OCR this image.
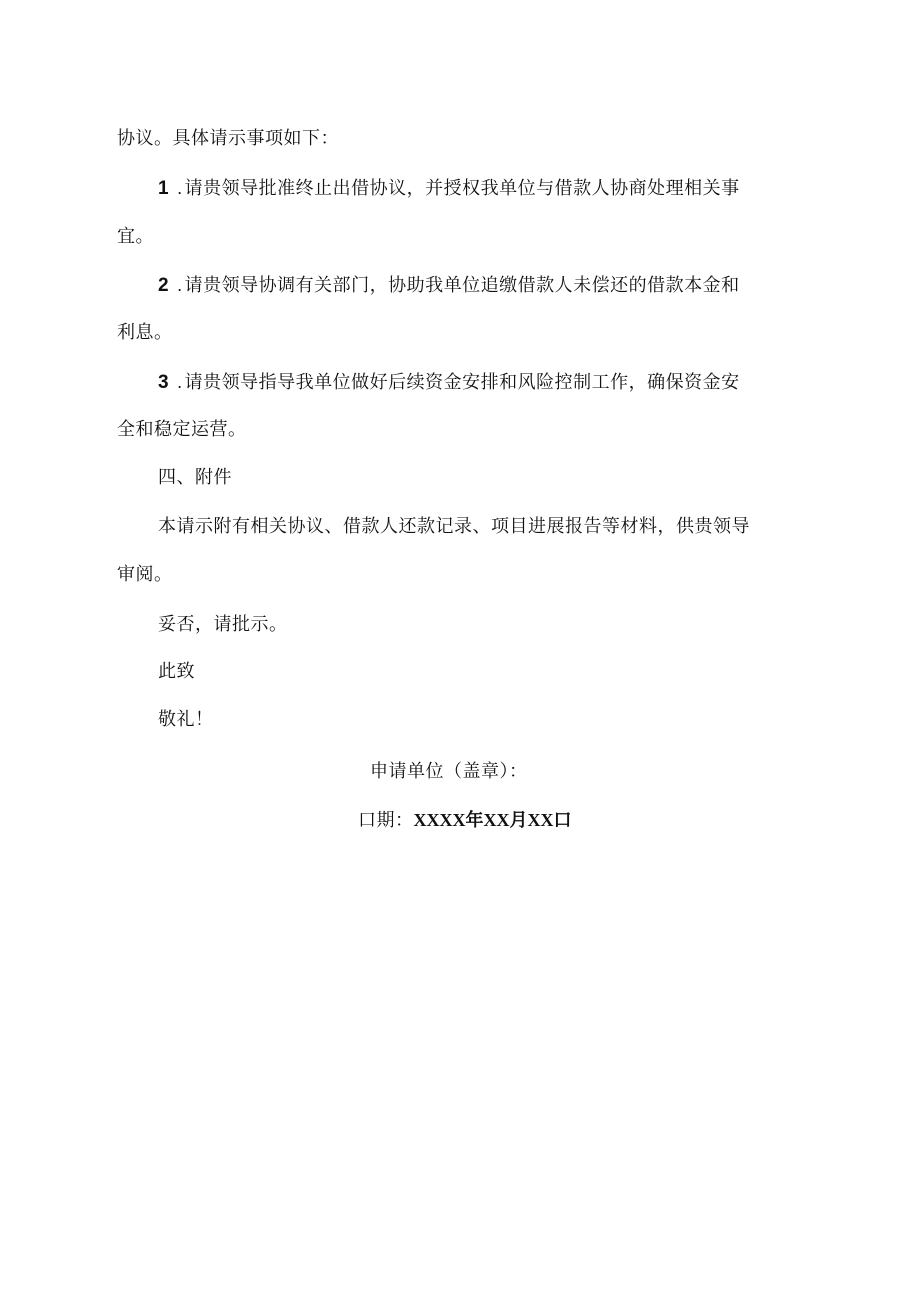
协议。具体请示事项如下：
1 . 请贵领导批准终止出借协议，并授权我单位与借款人协商处理相关事
宜。
2 . 请贵领导协调有关部门，协助我单位追缴借款人未偿还的借款本金和
利息。
3 . 请贵领导指导我单位做好后续资金安排和风险控制工作，确保资金安
全和稳定运营。
四、附件
本请示附有相关协议、借款人还款记录、项目进展报告等材料，供贵领导
审阅。
妥否，请批示。
此致
敬礼！
申请单位（盖章）：
口期：XXXX年XX月XX口
